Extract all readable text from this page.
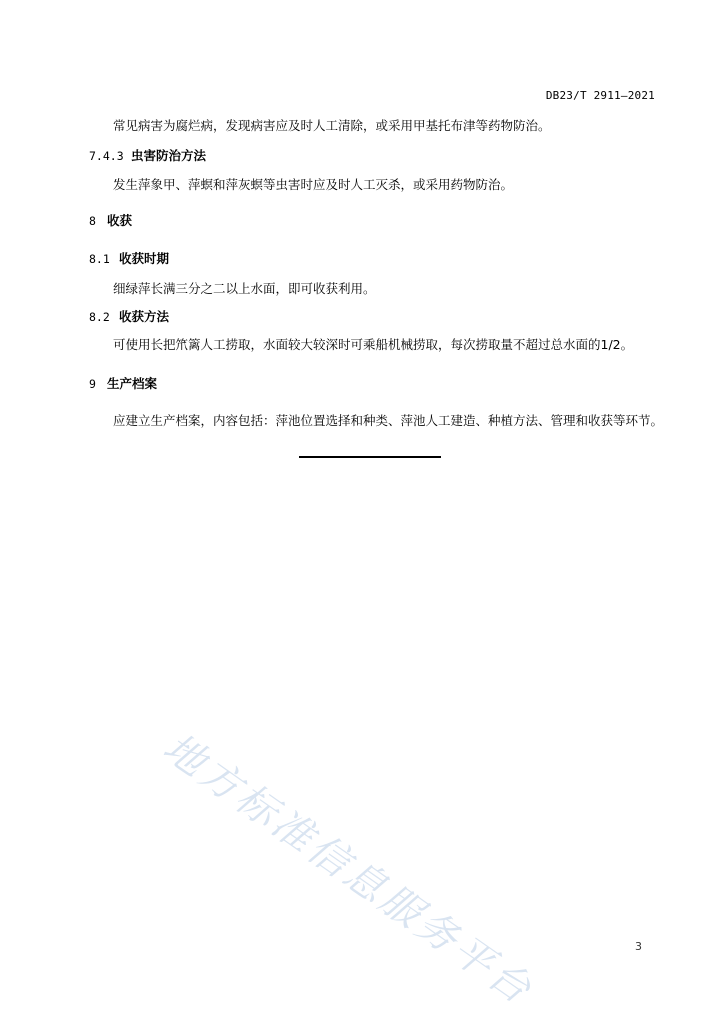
DB23/T 2911—2021
常见病害为腐烂病，发现病害应及时人工清除，或采用甲基托布津等药物防治。
7.4.3 虫害防治方法
发生萍象甲、萍螟和萍灰螟等虫害时应及时人工灭杀，或采用药物防治。
8 收获
8.1 收获时期
细绿萍长满三分之二以上水面，即可收获利用。
8.2 收获方法
可使用长把笊篱人工捞取，水面较大较深时可乘船机械捞取，每次捞取量不超过总水面的1/2。
9 生产档案
应建立生产档案，内容包括：萍池位置选择和种类、萍池人工建造、种植方法、管理和收获等环节。
地方标准信息服务平台	3
